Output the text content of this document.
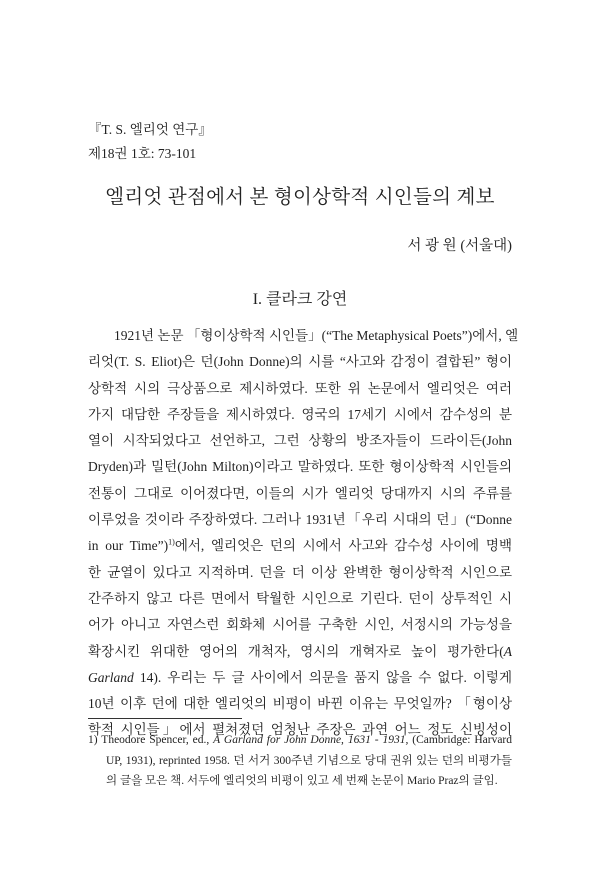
『T. S. 엘리엇 연구』
제18권 1호: 73-101
엘리엇 관점에서 본 형이상학적 시인들의 계보
서 광 원 (서울대)
I. 클라크 강연
1921년 논문 「형이상학적 시인들」(“The Metaphysical Poets”)에서, 엘
리엇(T. S. Eliot)은 던(John Donne)의 시를 “사고와 감정이 결합된” 형이
상학적 시의 극상품으로 제시하였다. 또한 위 논문에서 엘리엇은 여러
가지 대담한 주장들을 제시하였다. 영국의 17세기 시에서 감수성의 분
열이 시작되었다고 선언하고, 그런 상황의 방조자들이 드라이든(John
Dryden)과 밀턴(John Milton)이라고 말하였다. 또한 형이상학적 시인들의
전통이 그대로 이어졌다면, 이들의 시가 엘리엇 당대까지 시의 주류를
이루었을 것이라 주장하였다. 그러나 1931년「우리 시대의 던」(“Donne
in our Time”)$^{1)}$에서, 엘리엇은 던의 시에서 사고와 감수성 사이에 명백
한 균열이 있다고 지적하며. 던을 더 이상 완벽한 형이상학적 시인으로
간주하지 않고 다른 면에서 탁월한 시인으로 기린다. 던이 상투적인 시
어가 아니고 자연스런 회화체 시어를 구축한 시인, 서정시의 가능성을
확장시킨 위대한 영어의 개척자, 영시의 개혁자로 높이 평가한다(A
Garland 14). 우리는 두 글 사이에서 의문을 품지 않을 수 없다. 이렇게
10년 이후 던에 대한 엘리엇의 비평이 바뀐 이유는 무엇일까? 「형이상
학적 시인들」에서 펼쳐졌던 엄청난 주장은 과연 어느 정도 신빙성이
1) Theodore Spencer, ed., A Garland for John Donne, 1631 - 1931, (Cambridge: Harvard
UP, 1931), reprinted 1958. 던 서거 300주년 기념으로 당대 권위 있는 던의 비평가들
의 글을 모은 책. 서두에 엘리엇의 비평이 있고 세 번째 논문이 Mario Praz의 글임.
